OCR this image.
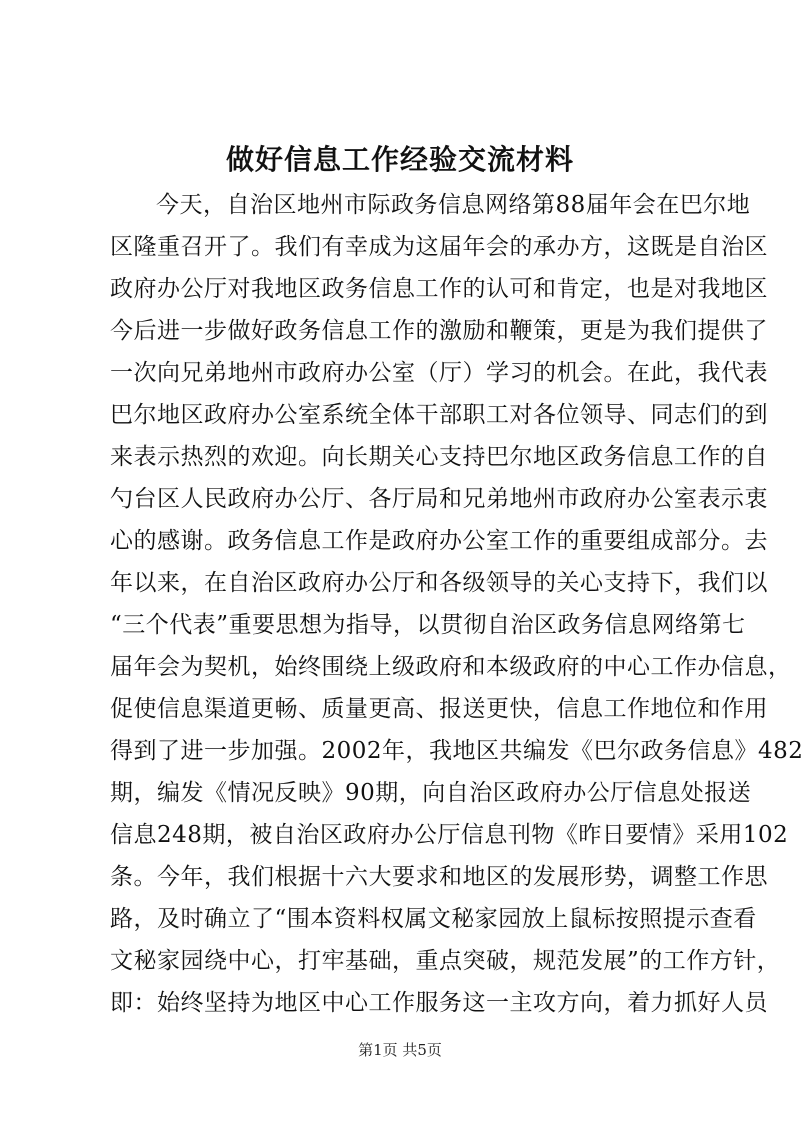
做好信息工作经验交流材料
今天，自治区地州市际政务信息网络第88届年会在巴尔地
区隆重召开了。我们有幸成为这届年会的承办方，这既是自治区
政府办公厅对我地区政务信息工作的认可和肯定，也是对我地区
今后进一步做好政务信息工作的激励和鞭策，更是为我们提供了
一次向兄弟地州市政府办公室（厅）学习的机会。在此，我代表
巴尔地区政府办公室系统全体干部职工对各位领导、同志们的到
来表示热烈的欢迎。向长期关心支持巴尔地区政务信息工作的自
勺台区人民政府办公厅、各厅局和兄弟地州市政府办公室表示衷
心的感谢。政务信息工作是政府办公室工作的重要组成部分。去
年以来，在自治区政府办公厅和各级领导的关心支持下，我们以
“三个代表”重要思想为指导，以贯彻自治区政务信息网络第七
届年会为契机，始终围绕上级政府和本级政府的中心工作办信息，
促使信息渠道更畅、质量更高、报送更快，信息工作地位和作用
得到了进一步加强。2002年，我地区共编发《巴尔政务信息》482
期，编发《情况反映》90期，向自治区政府办公厅信息处报送
信息248期，被自治区政府办公厅信息刊物《昨日要情》采用102
条。今年，我们根据十六大要求和地区的发展形势，调整工作思
路，及时确立了“围本资料权属文秘家园放上鼠标按照提示查看
文秘家园绕中心，打牢基础，重点突破，规范发展”的工作方针，
即：始终坚持为地区中心工作服务这一主攻方向，着力抓好人员
第1页 共5页
